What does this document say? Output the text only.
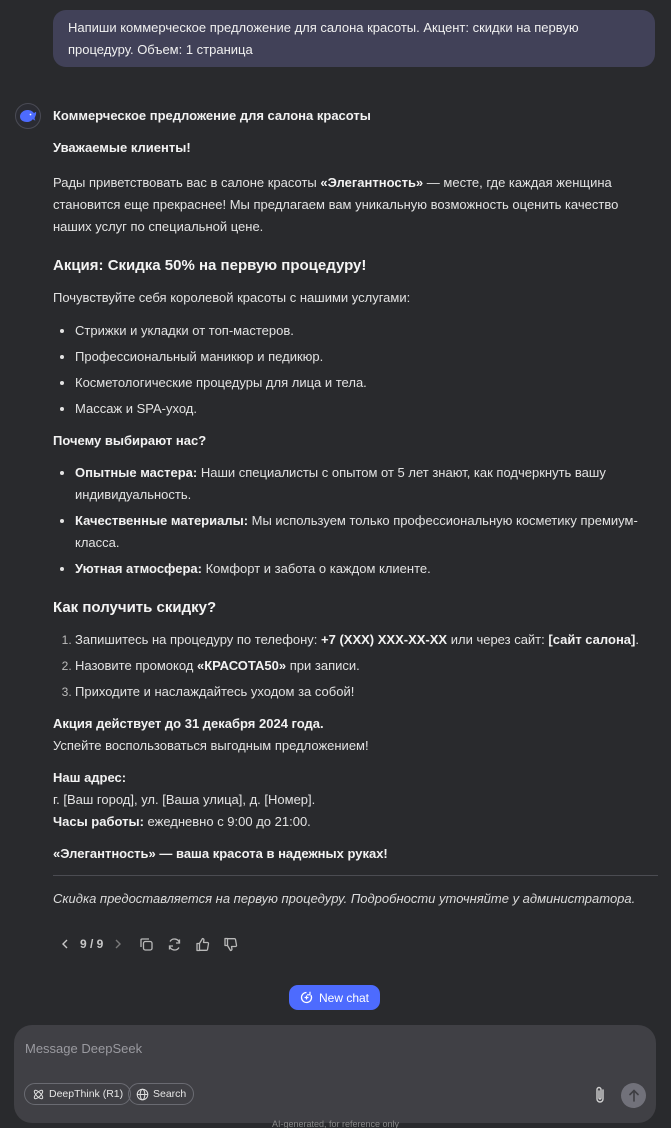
Напиши коммерческое предложение для салона красоты. Акцент: скидки на первую процедуру. Объем: 1 страница

Коммерческое предложение для салона красоты

Уважаемые клиенты!

Рады приветствовать вас в салоне красоты «Элегантность» — месте, где каждая женщина становится еще прекраснее! Мы предлагаем вам уникальную возможность оценить качество наших услуг по специальной цене.

Акция: Скидка 50% на первую процедуру!

Почувствуйте себя королевой красоты с нашими услугами:

• Стрижки и укладки от топ-мастеров.
• Профессиональный маникюр и педикюр.
• Косметологические процедуры для лица и тела.
• Массаж и SPA-уход.

Почему выбирают нас?

• Опытные мастера: Наши специалисты с опытом от 5 лет знают, как подчеркнуть вашу индивидуальность.
• Качественные материалы: Мы используем только профессиональную косметику премиум-класса.
• Уютная атмосфера: Комфорт и забота о каждом клиенте.
Как получить скидку?
1. Запишитесь на процедуру по телефону: +7 (XXX) XXX-XX-XX или через сайт: [сайт салона].
2. Назовите промокод «КРАСОТА50» при записи.
3. Приходите и наслаждайтесь уходом за собой!

Акция действует до 31 декабря 2024 года.
Успейте воспользоваться выгодным предложением!

Наш адрес:
г. [Ваш город], ул. [Ваша улица], д. [Номер].
Часы работы: ежедневно с 9:00 до 21:00.

«Элегантность» — ваша красота в надежных руках!

Скидка предоставляется на первую процедуру. Подробности уточняйте у администратора.

9 / 9
New chat
Message DeepSeek
DeepThink (R1)	Search
AI-generated, for reference only
